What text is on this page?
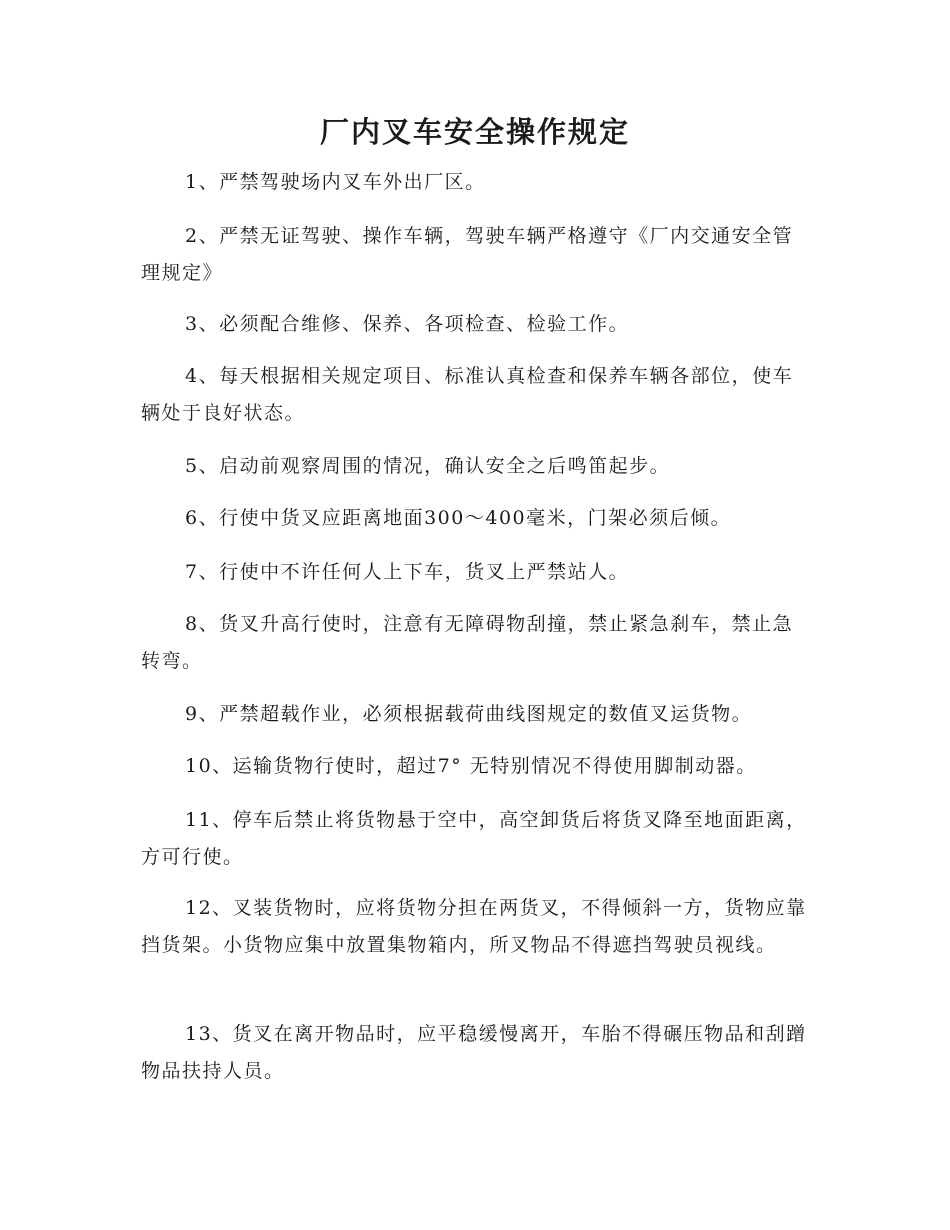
厂内叉车安全操作规定

1、严禁驾驶场内叉车外出厂区。

2、严禁无证驾驶、操作车辆，驾驶车辆严格遵守《厂内交通安全管理规定》

3、必须配合维修、保养、各项检查、检验工作。

4、每天根据相关规定项目、标准认真检查和保养车辆各部位，使车辆处于良好状态。

5、启动前观察周围的情况，确认安全之后鸣笛起步。

6、行使中货叉应距离地面300～400毫米，门架必须后倾。

7、行使中不许任何人上下车，货叉上严禁站人。

8、货叉升高行使时，注意有无障碍物刮撞，禁止紧急刹车，禁止急转弯。

9、严禁超载作业，必须根据载荷曲线图规定的数值叉运货物。

10、运输货物行使时，超过7° 无特别情况不得使用脚制动器。

11、停车后禁止将货物悬于空中，高空卸货后将货叉降至地面距离，方可行使。

12、叉装货物时，应将货物分担在两货叉，不得倾斜一方，货物应靠挡货架。小货物应集中放置集物箱内，所叉物品不得遮挡驾驶员视线。

13、货叉在离开物品时，应平稳缓慢离开，车胎不得碾压物品和刮蹭物品扶持人员。
